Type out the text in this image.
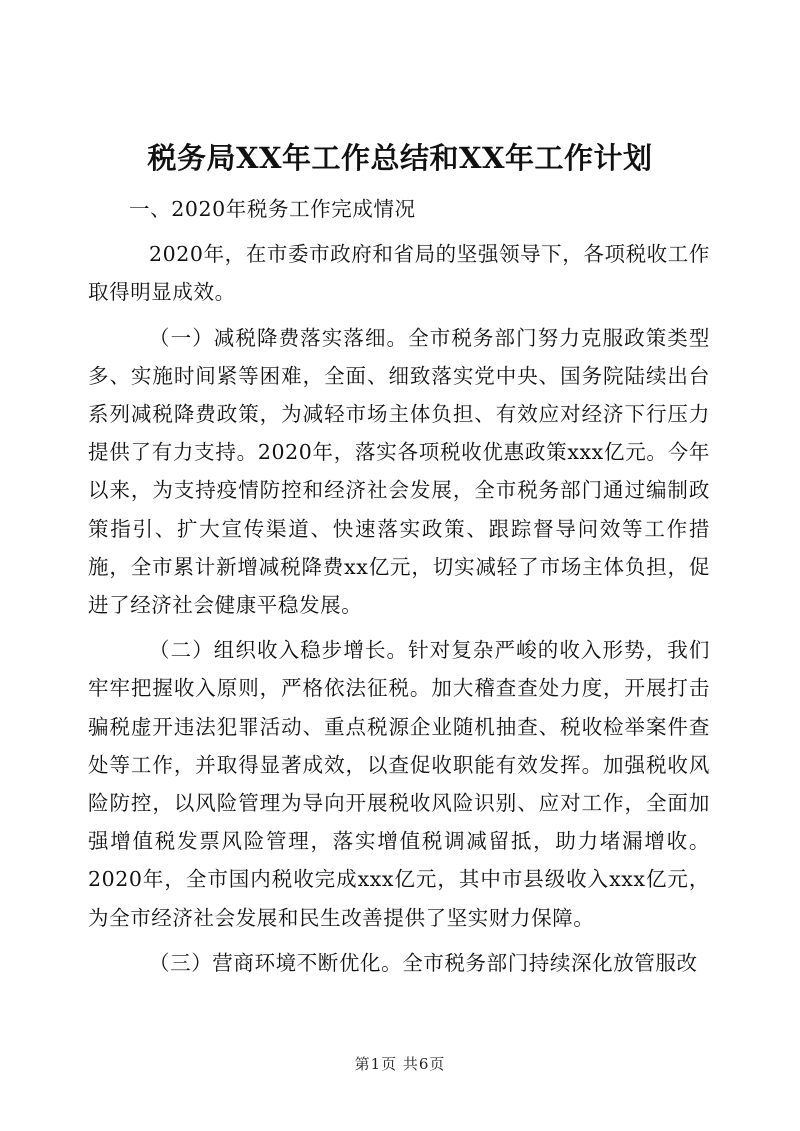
税务局XX年工作总结和XX年工作计划

一、2020年税务工作完成情况

2020年，在市委市政府和省局的坚强领导下，各项税收工作取得明显成效。

（一）减税降费落实落细。全市税务部门努力克服政策类型多、实施时间紧等困难，全面、细致落实党中央、国务院陆续出台系列减税降费政策，为减轻市场主体负担、有效应对经济下行压力提供了有力支持。2020年，落实各项税收优惠政策xxx亿元。今年以来，为支持疫情防控和经济社会发展，全市税务部门通过编制政策指引、扩大宣传渠道、快速落实政策、跟踪督导问效等工作措施，全市累计新增减税降费xx亿元，切实减轻了市场主体负担，促进了经济社会健康平稳发展。

（二）组织收入稳步增长。针对复杂严峻的收入形势，我们牢牢把握收入原则，严格依法征税。加大稽查查处力度，开展打击骗税虚开违法犯罪活动、重点税源企业随机抽查、税收检举案件查处等工作，并取得显著成效，以查促收职能有效发挥。加强税收风险防控，以风险管理为导向开展税收风险识别、应对工作，全面加强增值税发票风险管理，落实增值税调减留抵，助力堵漏增收。2020年，全市国内税收完成xxx亿元，其中市县级收入xxx亿元，为全市经济社会发展和民生改善提供了坚实财力保障。

（三）营商环境不断优化。全市税务部门持续深化放管服改

第1页 共6页
